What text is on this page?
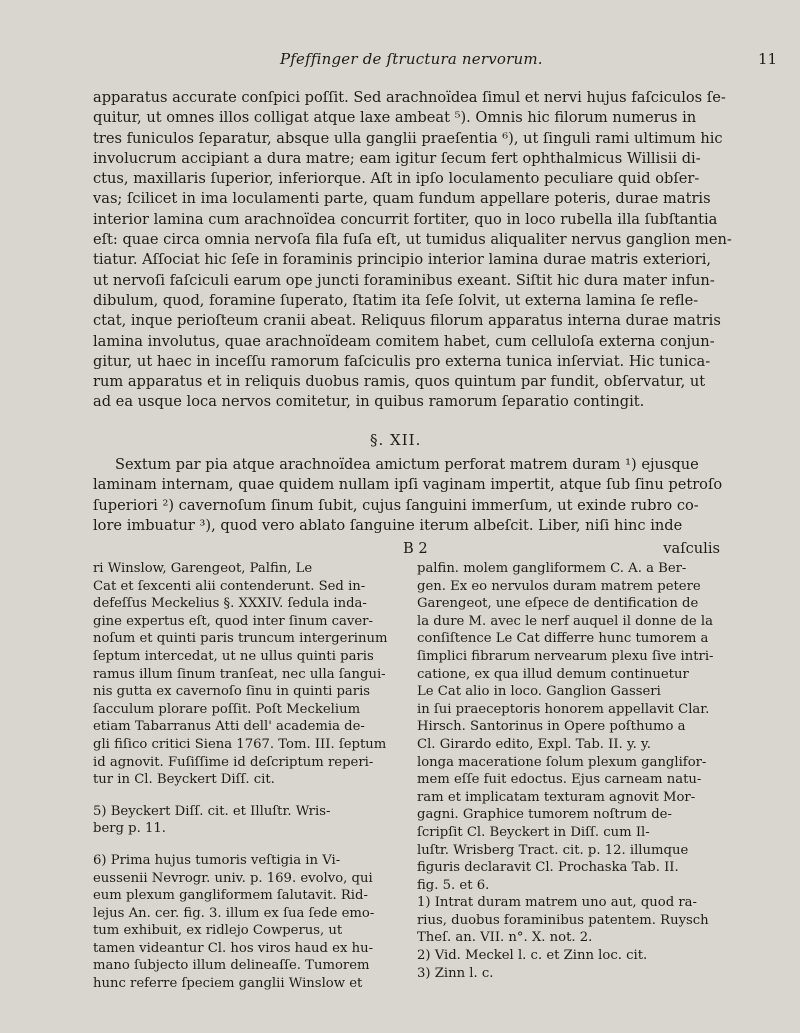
Pfeffinger de ſtructura nervorum.	11
apparatus accurate conſpici poſſit. Sed arachnoïdea ſimul et nervi hujus faſciculos ſe-
quitur, ut omnes illos colligat atque laxe ambeat ⁵). Omnis hic filorum numerus in
tres funiculos ſeparatur, absque ulla ganglii praeſentia ⁶), ut ſinguli rami ultimum hic
involucrum accipiant a dura matre; eam igitur ſecum fert ophthalmicus Willisii di-
ctus, maxillaris ſuperior, inferiorque. Aſt in ipſo loculamento peculiare quid obſer-
vas; ſcilicet in ima loculamenti parte, quam fundum appellare poteris, durae matris
interior lamina cum arachnoïdea concurrit fortiter, quo in loco rubella illa ſubſtantia
eſt: quae circa omnia nervoſa fila fuſa eſt, ut tumidus aliqualiter nervus ganglion men-
tiatur. Aſſociat hic ſeſe in foraminis principio interior lamina durae matris exteriori,
ut nervoſi faſciculi earum ope juncti foraminibus exeant. Siſtit hic dura mater infun-
dibulum, quod, foramine ſuperato, ſtatim ita ſeſe ſolvit, ut externa lamina ſe refle-
ctat, inque perioſteum cranii abeat. Reliquus filorum apparatus interna durae matris
lamina involutus, quae arachnoïdeam comitem habet, cum celluloſa externa conjun-
gitur, ut haec in inceſſu ramorum faſciculis pro externa tunica inſerviat. Hic tunica-
rum apparatus et in reliquis duobus ramis, quos quintum par fundit, obſervatur, ut
ad ea usque loca nervos comitetur, in quibus ramorum ſeparatio contingit.
§. XII.
Sextum par pia atque arachnoïdea amictum perforat matrem duram ¹) ejusque
laminam internam, quae quidem nullam ipſi vaginam impertit, atque ſub ſinu petroſo
ſuperiori ²) cavernoſum ſinum ſubit, cujus ſanguini immerſum, ut exinde rubro co-
lore imbuatur ³), quod vero ablato ſanguine iterum albeſcit. Liber, niſi hinc inde
B 2	vaſculis
ri Winslow, Garengeot, Palfin, Le
Cat et ſexcenti alii contenderunt. Sed in-
defeſſus Meckelius §. XXXIV. ſedula inda-
gine expertus eſt, quod inter ſinum caver-
noſum et quinti paris truncum intergerinum
ſeptum intercedat, ut ne ullus quinti paris
ramus illum ſinum tranſeat, nec ulla ſangui-
nis gutta ex cavernoſo ſinu in quinti paris
ſacculum plorare poſſit. Poſt Meckelium
etiam Tabarranus Atti dell' academia de-
gli fiſico critici Siena 1767. Tom. III. ſeptum
id agnovit. Fuſiſſime id deſcriptum reperi-
tur in Cl. Beyckert Diſſ. cit.
5) Beyckert Diſſ. cit. et Illuſtr. Wris-
berg p. 11.
6) Prima hujus tumoris veſtigia in Vi-
eussenii Nevrogr. univ. p. 169. evolvo, qui
eum plexum gangliformem ſalutavit. Rid-
lejus An. cer. fig. 3. illum ex ſua ſede emo-
tum exhibuit, ex ridlejo Cowperus, ut
tamen videantur Cl. hos viros haud ex hu-
mano ſubjecto illum delineaſſe. Tumorem
hunc referre ſpeciem ganglii Winslow et
palfin. molem gangliformem C. A. a Ber-
gen. Ex eo nervulos duram matrem petere
Garengeot, une eſpece de dentification de
la dure M. avec le nerf auquel il donne de la
conſiſtence Le Cat differre hunc tumorem a
ſimplici fibrarum nervearum plexu ſive intri-
catione, ex qua illud demum continuetur
Le Cat alio in loco. Ganglion Gasseri
in ſui praeceptoris honorem appellavit Clar.
Hirsch. Santorinus in Opere poſthumo a
Cl. Girardo edito, Expl. Tab. II. y. y.
longa maceratione ſolum plexum ganglifor-
mem eſſe fuit edoctus. Ejus carneam natu-
ram et implicatam texturam agnovit Mor-
gagni. Graphice tumorem noſtrum de-
ſcripſit Cl. Beyckert in Diſſ. cum Il-
luſtr. Wrisberg Tract. cit. p. 12. illumque
figuris declaravit Cl. Prochaska Tab. II.
fig. 5. et 6.
1) Intrat duram matrem uno aut, quod ra-
rius, duobus foraminibus patentem. Ruysch
Theſ. an. VII. n°. X. not. 2.
2) Vid. Meckel l. c. et Zinn loc. cit.
3) Zinn l. c.
